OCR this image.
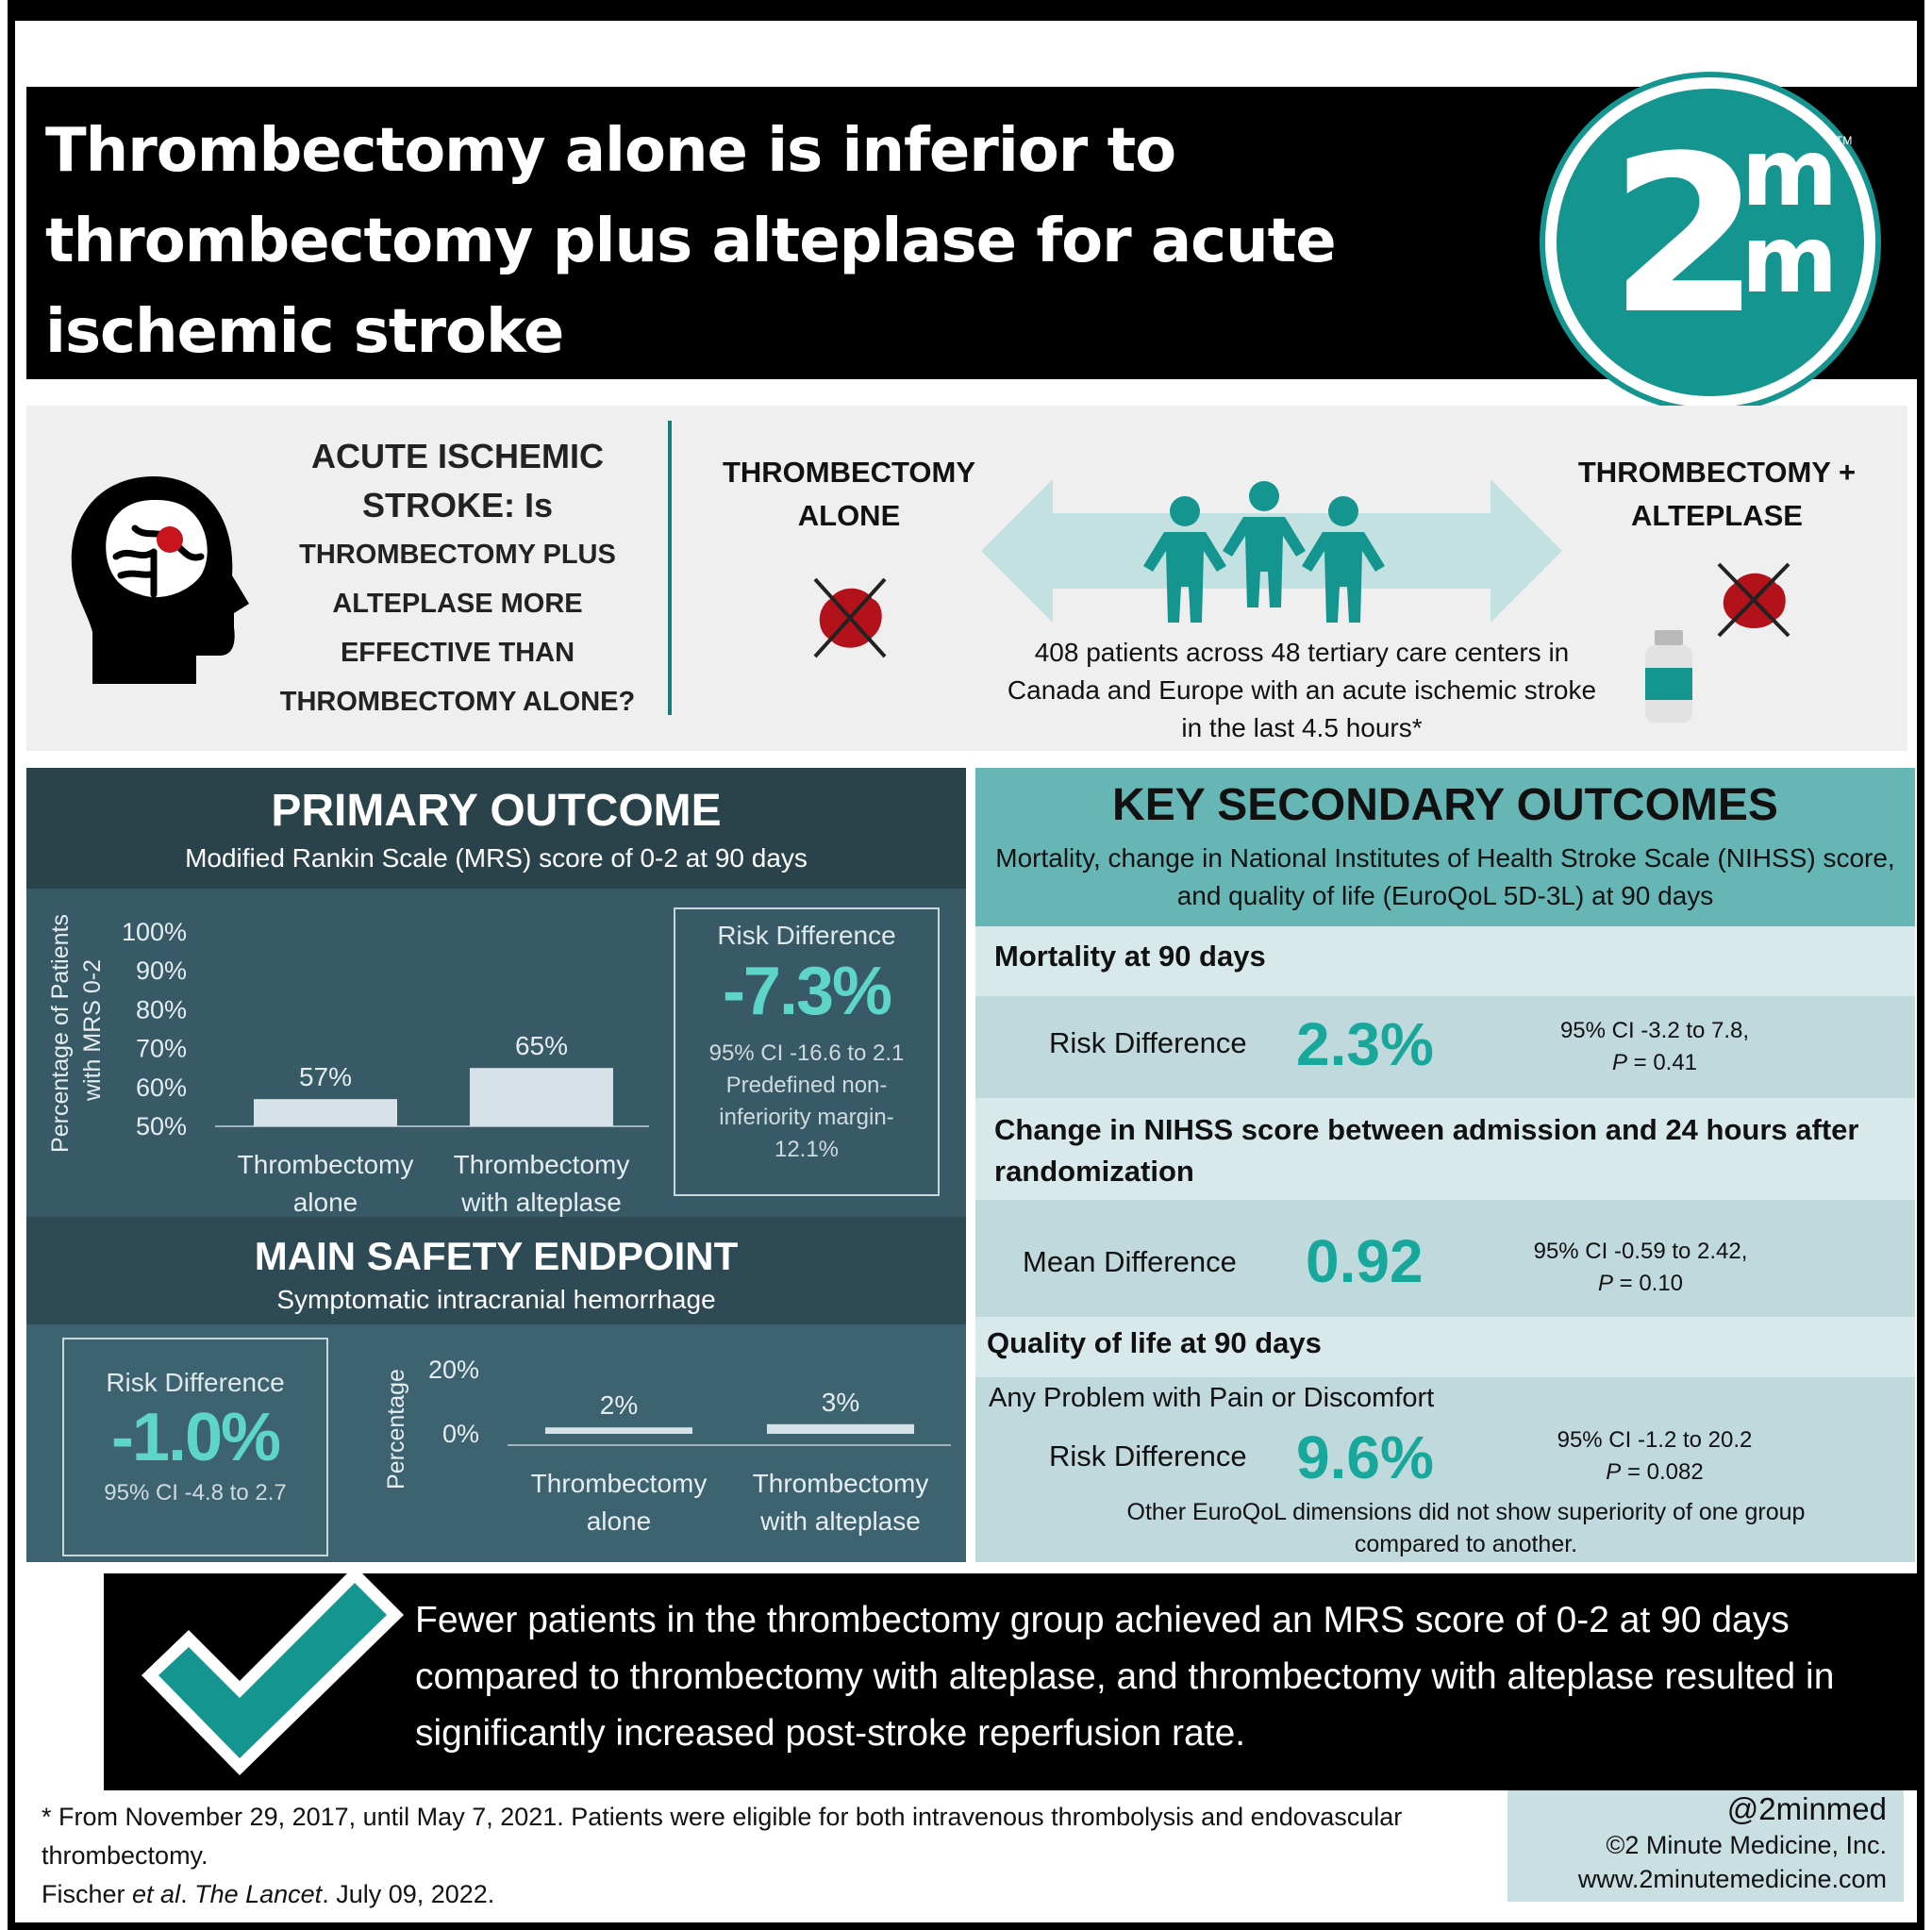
Thrombectomy alone is inferior to thrombectomy plus alteplase for acute ischemic stroke	2
m
m
TM
ACUTE ISCHEMIC STROKE: Is
THROMBECTOMY PLUS ALTEPLASE MORE EFFECTIVE THAN THROMBECTOMY ALONE?
THROMBECTOMY ALONE
THROMBECTOMY + ALTEPLASE
408 patients across 48 tertiary care centers in Canada and Europe with an acute ischemic stroke in the last 4.5 hours*
PRIMARY OUTCOME
Modified Rankin Scale (MRS) score of 0-2 at 90 days
Percentage of Patients with MRS 0-2
100%
90%
80%
70%
60%
50%
57%
Thrombectomy alone
65%
Thrombectomy with alteplase
Risk Difference
-7.3%
95% CI -16.6 to 2.1
Predefined non-inferiority margin- 12.1%
MAIN SAFETY ENDPOINT
Symptomatic intracranial hemorrhage
Risk Difference
-1.0%
95% CI -4.8 to 2.7
Percentage 20%
0%
2%
Thrombectomy alone
3%
Thrombectomy with alteplase
KEY SECONDARY OUTCOMES
Mortality, change in National Institutes of Health Stroke Scale (NIHSS) score, and quality of life (EuroQoL 5D-3L) at 90 days
Mortality at 90 days
Risk Difference 2.3%	95% CI -3.2 to 7.8,
P = 0.41
Change in NIHSS score between admission and 24 hours after randomization
Mean Difference 0.92	95% CI -0.59 to 2.42,
P = 0.10
Quality of life at 90 days
Any Problem with Pain or Discomfort
Risk Difference 9.6%	95% CI -1.2 to 20.2
P = 0.082
Other EuroQoL dimensions did not show superiority of one group compared to another.
Fewer patients in the thrombectomy group achieved an MRS score of 0-2 at 90 days compared to thrombectomy with alteplase, and thrombectomy with alteplase resulted in significantly increased post-stroke reperfusion rate.
* From November 29, 2017, until May 7, 2021. Patients were eligible for both intravenous thrombolysis and endovascular thrombectomy.
Fischer et al. The Lancet. July 09, 2022.
@2minmed
©2 Minute Medicine, Inc.
www.2minutemedicine.com
